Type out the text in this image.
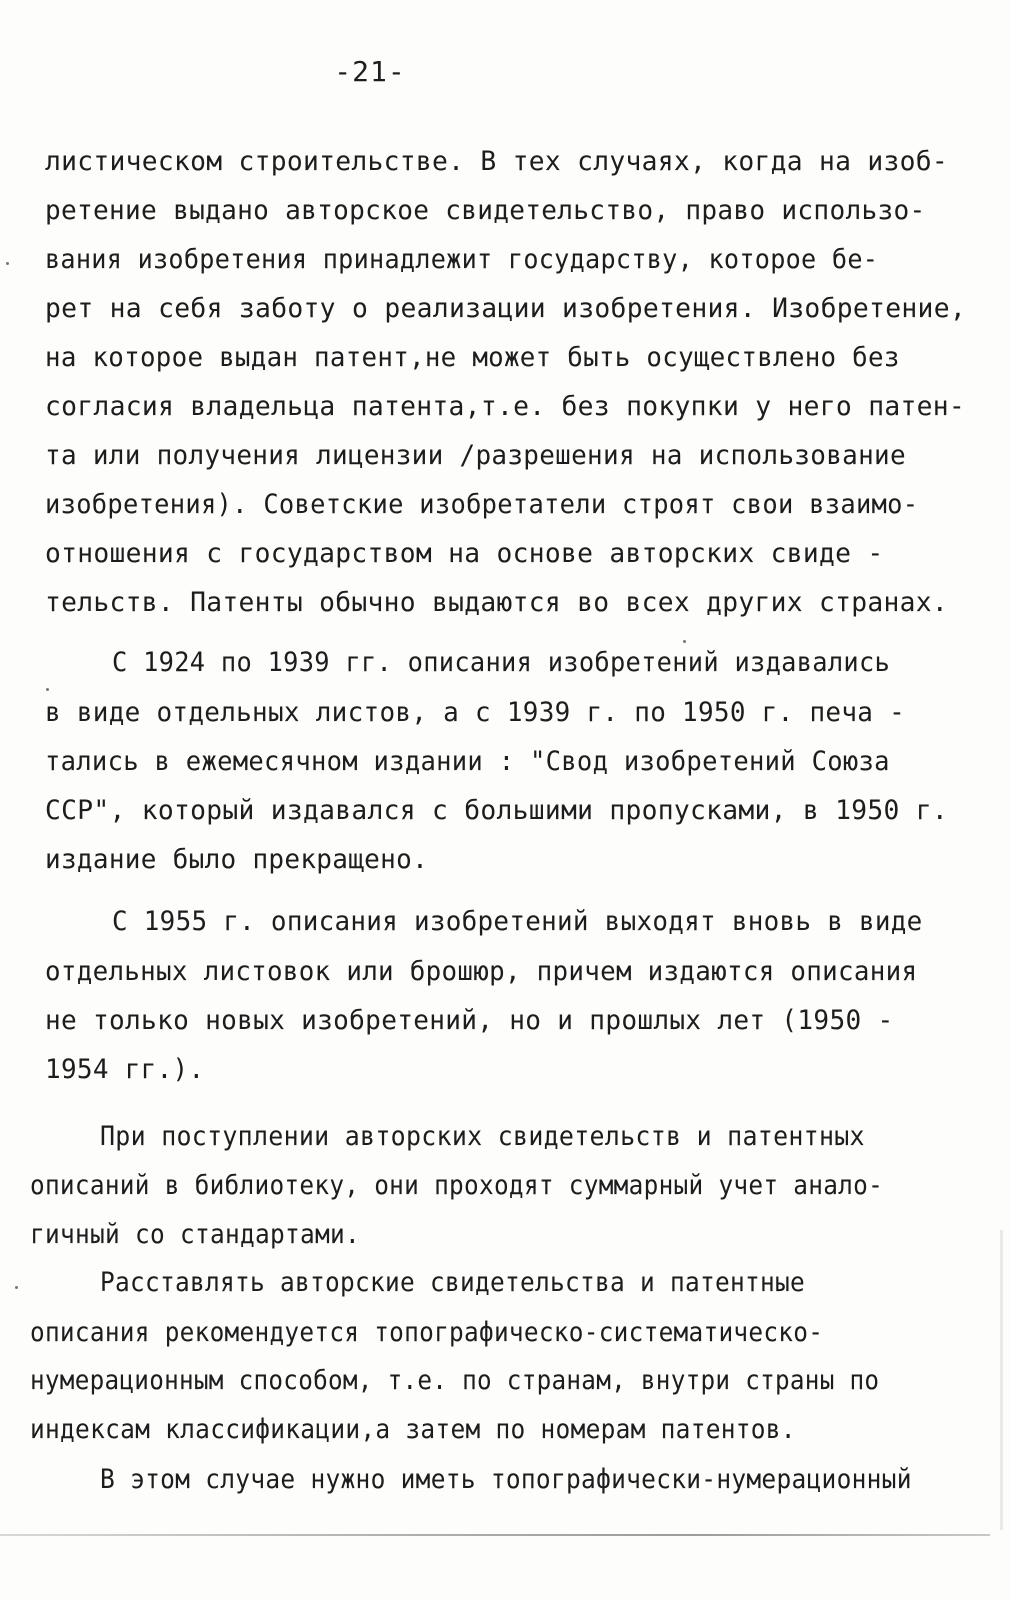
-21-
листическом строительстве. В тех случаях, когда на изоб-
ретение выдано авторское свидетельство, право использо-
вания изобретения принадлежит государству, которое бе-
рет на себя заботу о реализации изобретения. Изобретение,
на которое выдан патент,не может быть осуществлено без
согласия владельца патента,т.е. без покупки у него патен-
та или получения лицензии /разрешения на использование
изобретения). Советские изобретатели строят свои взаимо-
отношения с государством на основе авторских свиде -
тельств. Патенты обычно выдаются во всех других странах.
С 1924 по 1939 гг. описания изобретений издавались
в виде отдельных листов, а с 1939 г. по 1950 г. печа -
тались в ежемесячном издании : "Свод изобретений Союза
ССР", который издавался с большими пропусками, в 1950 г.
издание было прекращено.
С 1955 г. описания изобретений выходят вновь в виде
отдельных листовок или брошюр, причем издаются описания
не только новых изобретений, но и прошлых лет (1950 -
1954 гг.).
При поступлении авторских свидетельств и патентных
описаний в библиотеку, они проходят суммарный учет анало-
гичный со стандартами.
Расставлять авторские свидетельства и патентные
описания рекомендуется топографическо-систематическо-
нумерационным способом, т.е. по странам, внутри страны по
индексам классификации,а затем по номерам патентов.
В этом случае нужно иметь топографически-нумерационный
